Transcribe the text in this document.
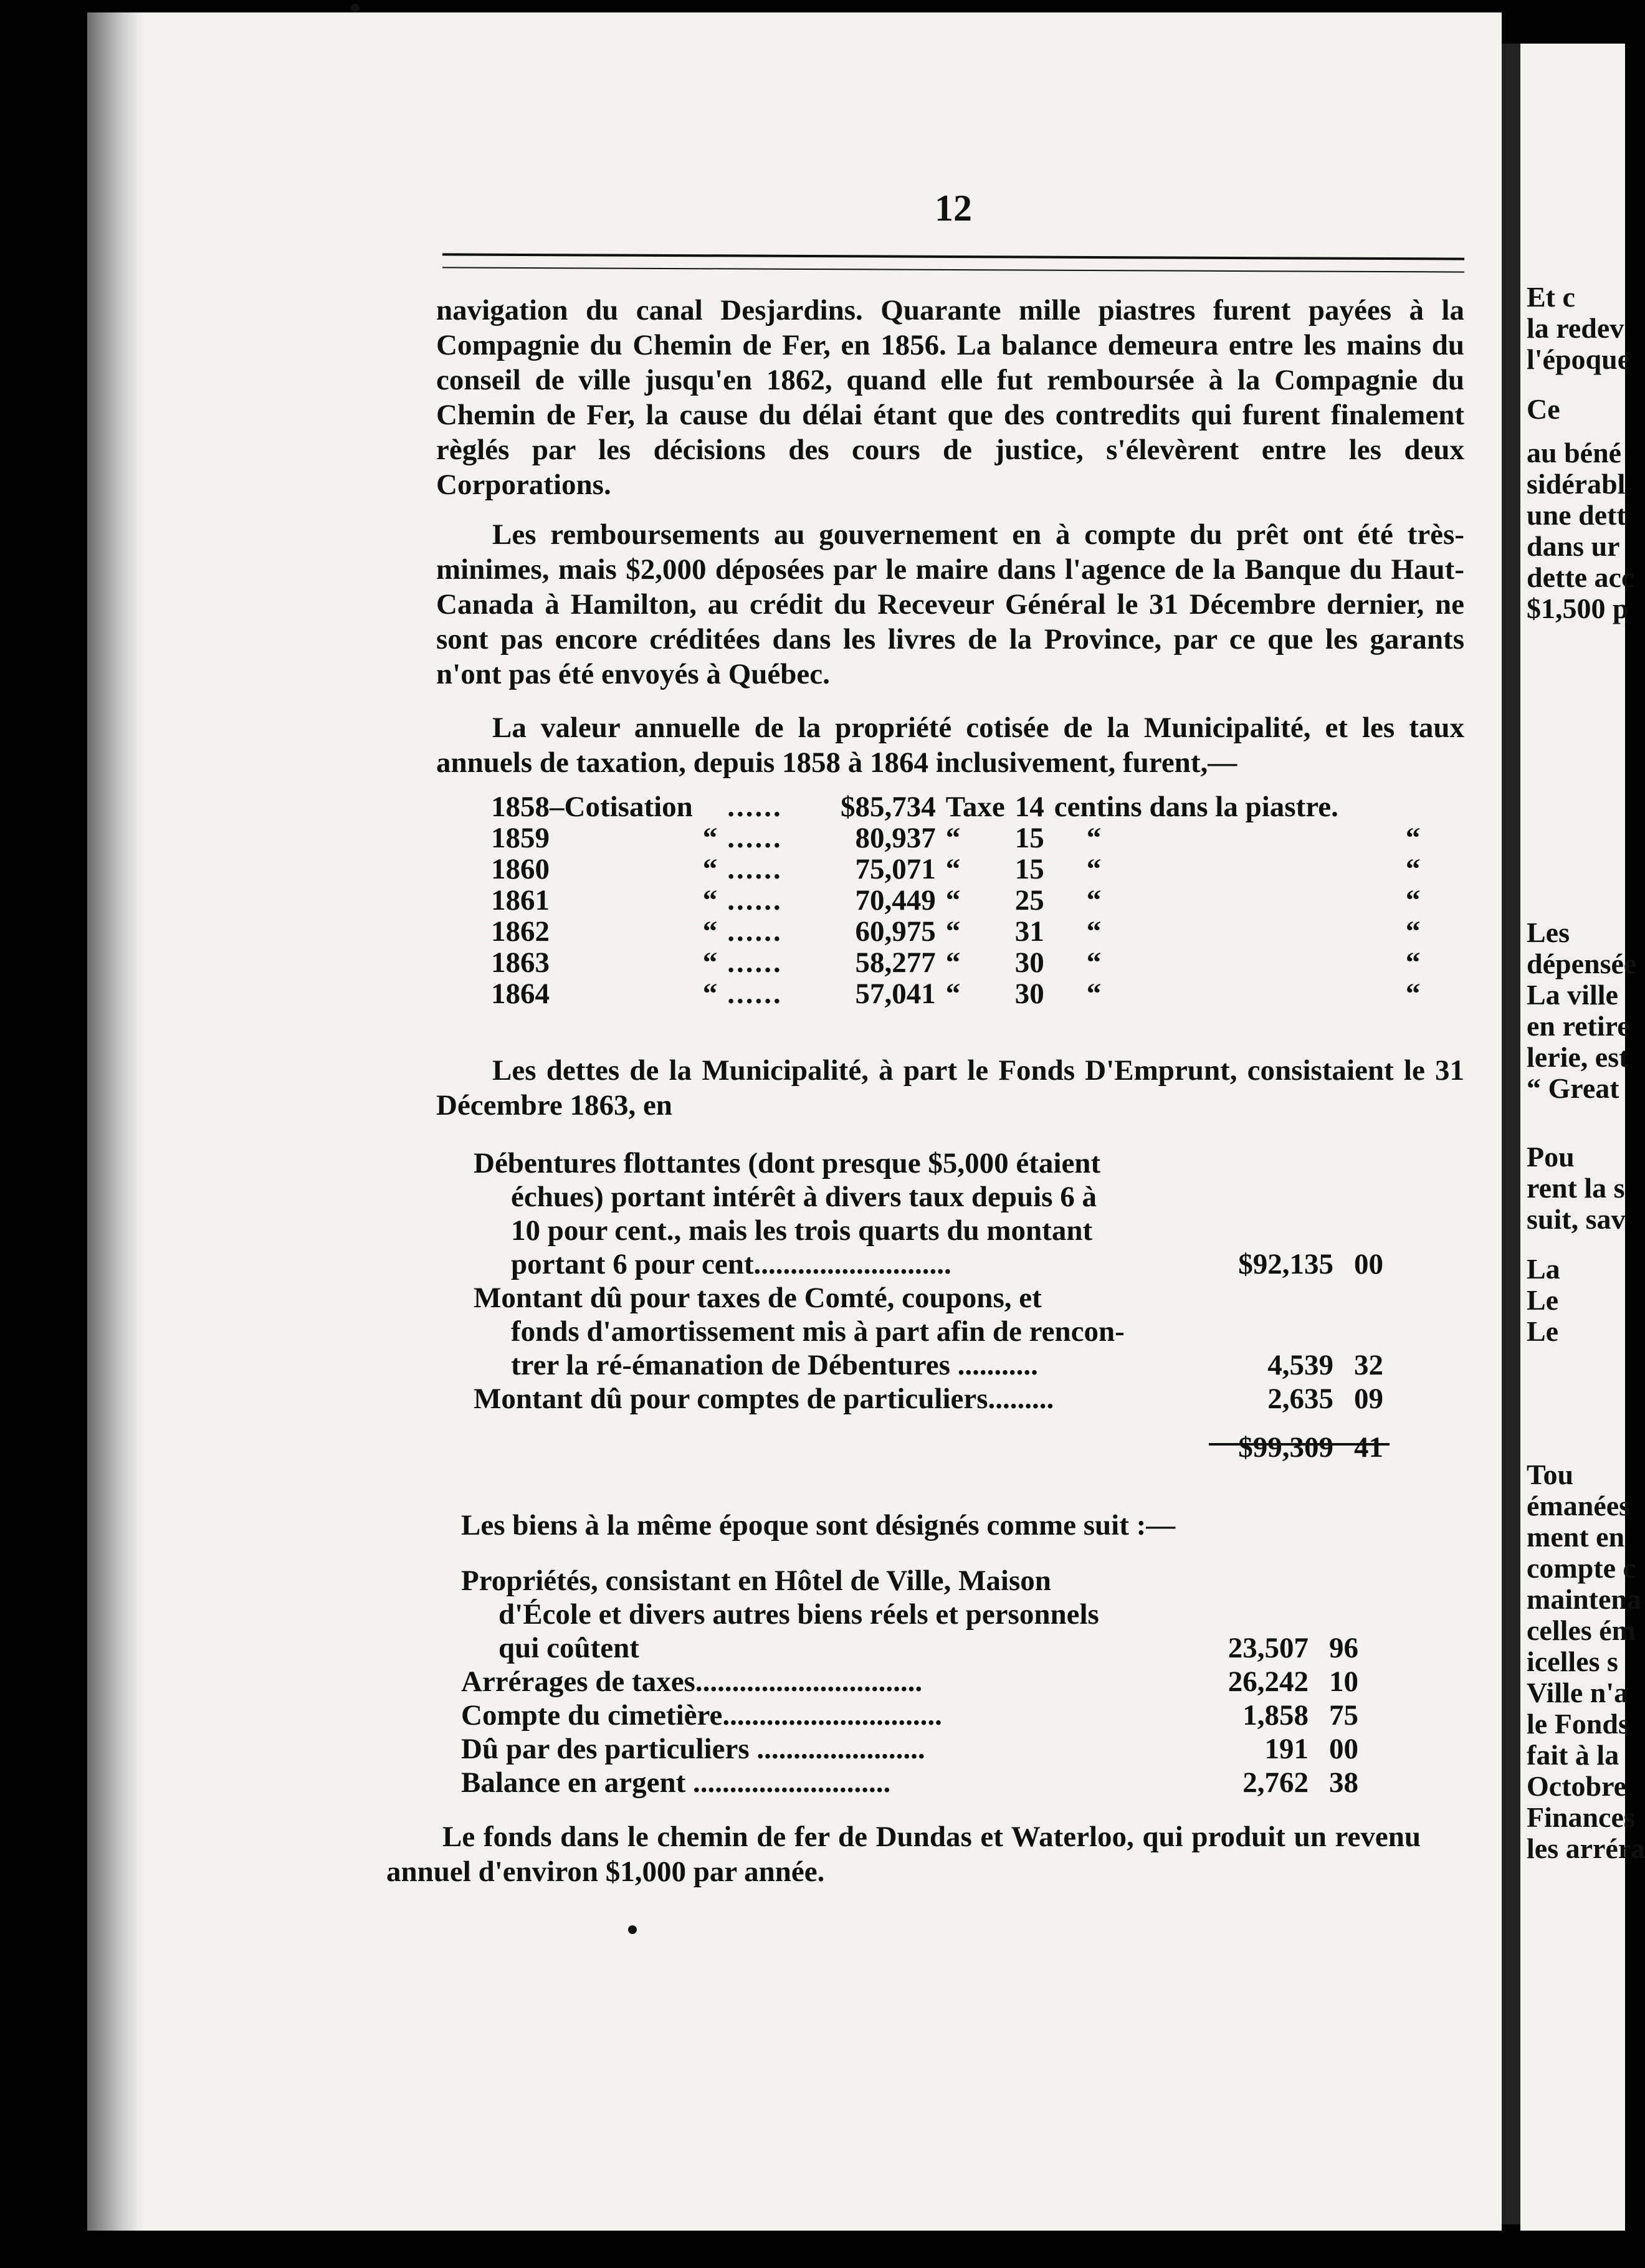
12

navigation du canal Desjardins. Quarante mille piastres furent payées à la Compagnie du Chemin de Fer, en 1856. La balance demeura entre les mains du conseil de ville jusqu'en 1862, quand elle fut remboursée à la Compagnie du Chemin de Fer, la cause du délai étant que des contredits qui furent finalement règlés par les décisions des cours de justice, s'élevèrent entre les deux Corporations.

Les remboursements au gouvernement en à compte du prêt ont été très-minimes, mais $2,000 déposées par le maire dans l'agence de la Banque du Haut-Canada à Hamilton, au crédit du Receveur Général le 31 Décembre dernier, ne sont pas encore créditées dans les livres de la Province, par ce que les garants n'ont pas été envoyés à Québec.

La valeur annuelle de la propriété cotisée de la Municipalité, et les taux annuels de taxation, depuis 1858 à 1864 inclusivement, furent,—

1858–Cotisation		......	$85,734	Taxe	14	centins dans la piastre.	
1859	“	......	80,937	“	15	“	“
1860	“	......	75,071	“	15	“	“
1861	“	......	70,449	“	25	“	“
1862	“	......	60,975	“	31	“	“
1863	“	......	58,277	“	30	“	“
1864	“	......	57,041	“	30	“	“

Les dettes de la Municipalité, à part le Fonds D'Emprunt, consistaient le 31 Décembre 1863, en

Débentures flottantes (dont presque $5,000 étaient
échues) portant intérêt à divers taux depuis 6 à
10 pour cent., mais les trois quarts du montant
portant 6 pour cent...........................	$92,135 00
Montant dû pour taxes de Comté, coupons, et
fonds d'amortissement mis à part afin de rencon-
trer la ré-émanation de Débentures ...........	4,539 32
Montant dû pour comptes de particuliers.........	2,635 09
$99,309 41

Les biens à la même époque sont désignés comme suit :—

Propriétés, consistant en Hôtel de Ville, Maison
d'École et divers autres biens réels et personnels
qui coûtent	23,507 96
Arrérages de taxes...............................	26,242 10
Compte du cimetière..............................	1,858 75
Dû par des particuliers .......................	191 00
Balance en argent ...........................	2,762 38

Le fonds dans le chemin de fer de Dundas et Waterloo, qui produit un revenu annuel d'environ $1,000 par année.

Et c
la redev
l'époque
Ce
au béné
sidérabl
une dett
dans ur
dette acc
$1,500 p
Les
dépensée
La ville
en retire
lerie, est
“ Great
Pou
rent la s
suit, sav
La
Le
Le
Tou
émanées
ment en
compte c
maintena
celles ém
icelles s
Ville n'a
le Fonds
fait à la
Octobre
Finances
les arréra
